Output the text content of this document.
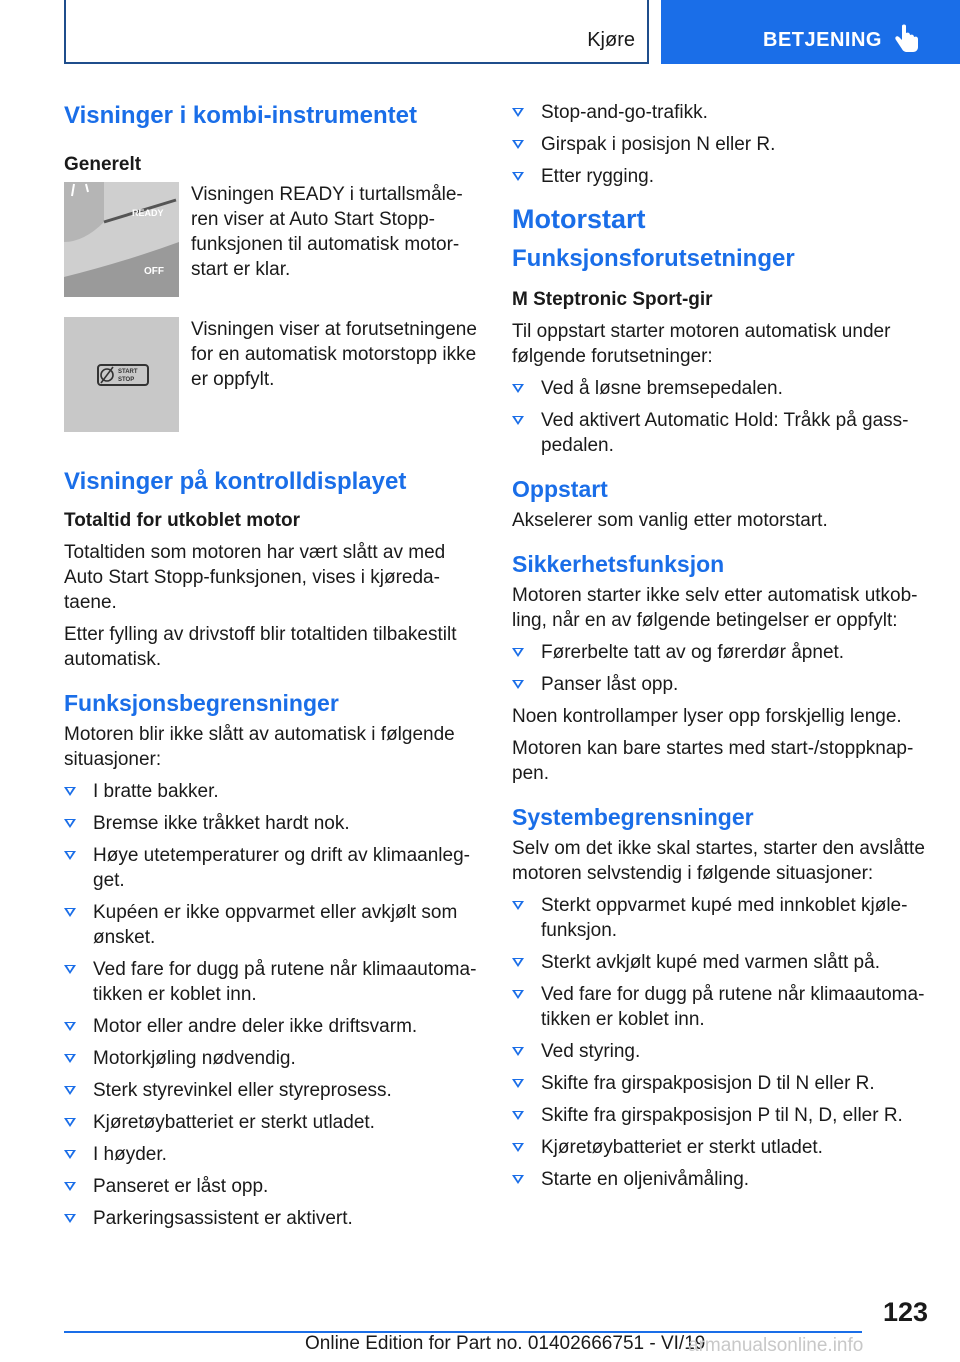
Kjøre	BETJENING
Visninger i kombi-instrumentet
Generelt
READY
OFF

Visningen READY i turtallsmåle-ren viser at Auto Start Stopp-funksjonen til automatisk motor-start er klar.

START
STOP

Visningen viser at forutsetningene for en automatisk motorstopp ikke er oppfylt.

Visninger på kontrolldisplayet
Totaltid for utkoblet motor

Totaltiden som motoren har vært slått av med Auto Start Stopp-funksjonen, vises i kjøreda-taene.

Etter fylling av drivstoff blir totaltiden tilbakestilt automatisk.

Funksjonsbegrensninger

Motoren blir ikke slått av automatisk i følgende situasjoner:

I bratte bakker.
Bremse ikke tråkket hardt nok.
Høye utetemperaturer og drift av klimaanleg-get.
Kupéen er ikke oppvarmet eller avkjølt som ønsket.
Ved fare for dugg på rutene når klimaautoma-tikken er koblet inn.
Motor eller andre deler ikke driftsvarm.
Motorkjøling nødvendig.
Sterk styrevinkel eller styreprosess.
Kjøretøybatteriet er sterkt utladet.
I høyder.
Panseret er låst opp.
Parkeringsassistent er aktivert.
Stop-and-go-trafikk.
Girspak i posisjon N eller R.
Etter rygging.
Motorstart
Funksjonsforutsetninger
M Steptronic Sport-gir

Til oppstart starter motoren automatisk under følgende forutsetninger:

Ved å løsne bremsepedalen.
Ved aktivert Automatic Hold: Tråkk på gass-pedalen.
Oppstart

Akselerer som vanlig etter motorstart.

Sikkerhetsfunksjon

Motoren starter ikke selv etter automatisk utkob-ling, når en av følgende betingelser er oppfylt:

Førerbelte tatt av og førerdør åpnet.
Panser låst opp.

Noen kontrollamper lyser opp forskjellig lenge.

Motoren kan bare startes med start-/stoppknap-pen.

Systembegrensninger

Selv om det ikke skal startes, starter den avslåtte motoren selvstendig i følgende situasjoner:

Sterkt oppvarmet kupé med innkoblet kjøle-funksjon.
Sterkt avkjølt kupé med varmen slått på.
Ved fare for dugg på rutene når klimaautoma-tikken er koblet inn.
Ved styring.
Skifte fra girspakposisjon D til N eller R.
Skifte fra girspakposisjon P til N, D, eller R.
Kjøretøybatteriet er sterkt utladet.
Starte en oljenivåmåling.
123
Online Edition for Part no. 01402666751 - VI/19
armanualsonline.info
